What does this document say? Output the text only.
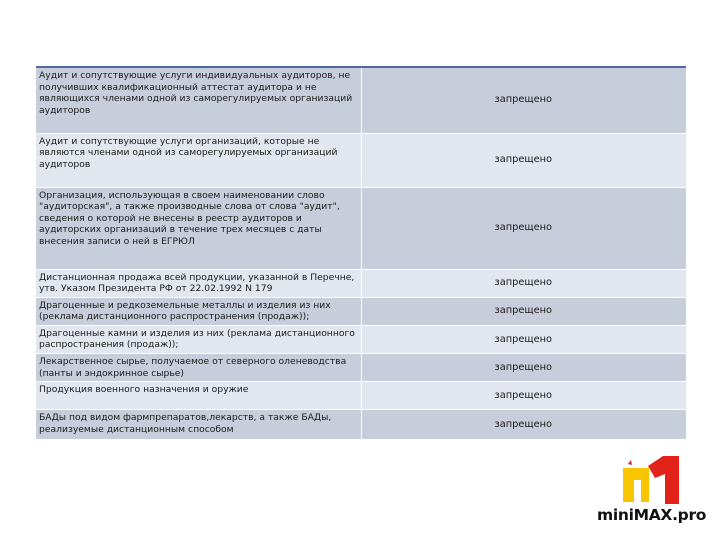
Аудит и сопутствующие услуги индивидуальных аудиторов, не получивших квалификационный аттестат аудитора и не являющихся членами одной из саморегулируемых организаций аудиторов	запрещено
Аудит и сопутствующие услуги организаций, которые не являются членами одной из саморегулируемых организаций аудиторов	запрещено
Организация, использующая в своем наименовании слово "аудиторская", а также производные слова от слова "аудит", сведения о которой не внесены в реестр аудиторов и аудиторских организаций в течение трех месяцев с даты внесения записи о ней в ЕГРЮЛ	запрещено
Дистанционная продажа всей продукции, указанной в Перечне, утв. Указом Президента РФ от 22.02.1992 N 179	запрещено
Драгоценные и редкоземельные металлы и изделия из них (реклама дистанционного распространения (продаж));	запрещено
Драгоценные камни и изделия из них (реклама дистанционного распространения (продаж));	запрещено
Лекарственное сырье, получаемое от северного оленеводства (панты и эндокринное сырье)	запрещено
Продукция военного назначения и оружие	запрещено
БАДы под видом фармпрепаратов,лекарств, а также БАДы, реализуемые дистанционным способом	запрещено
miniMAX.pro
